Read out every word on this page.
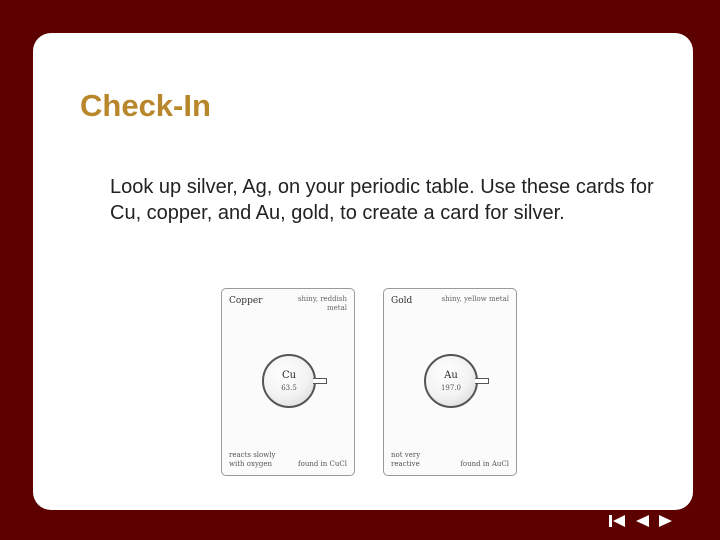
Check-In

Look up silver, Ag, on your periodic table. Use these cards for Cu, copper, and Au, gold, to create a card for silver.

Copper	shiny, reddish metal
Cu
63.5
reacts slowly with oxygen	found in CuCl
Gold	shiny, yellow metal
Au
197.0
not very reactive	found in AuCl
